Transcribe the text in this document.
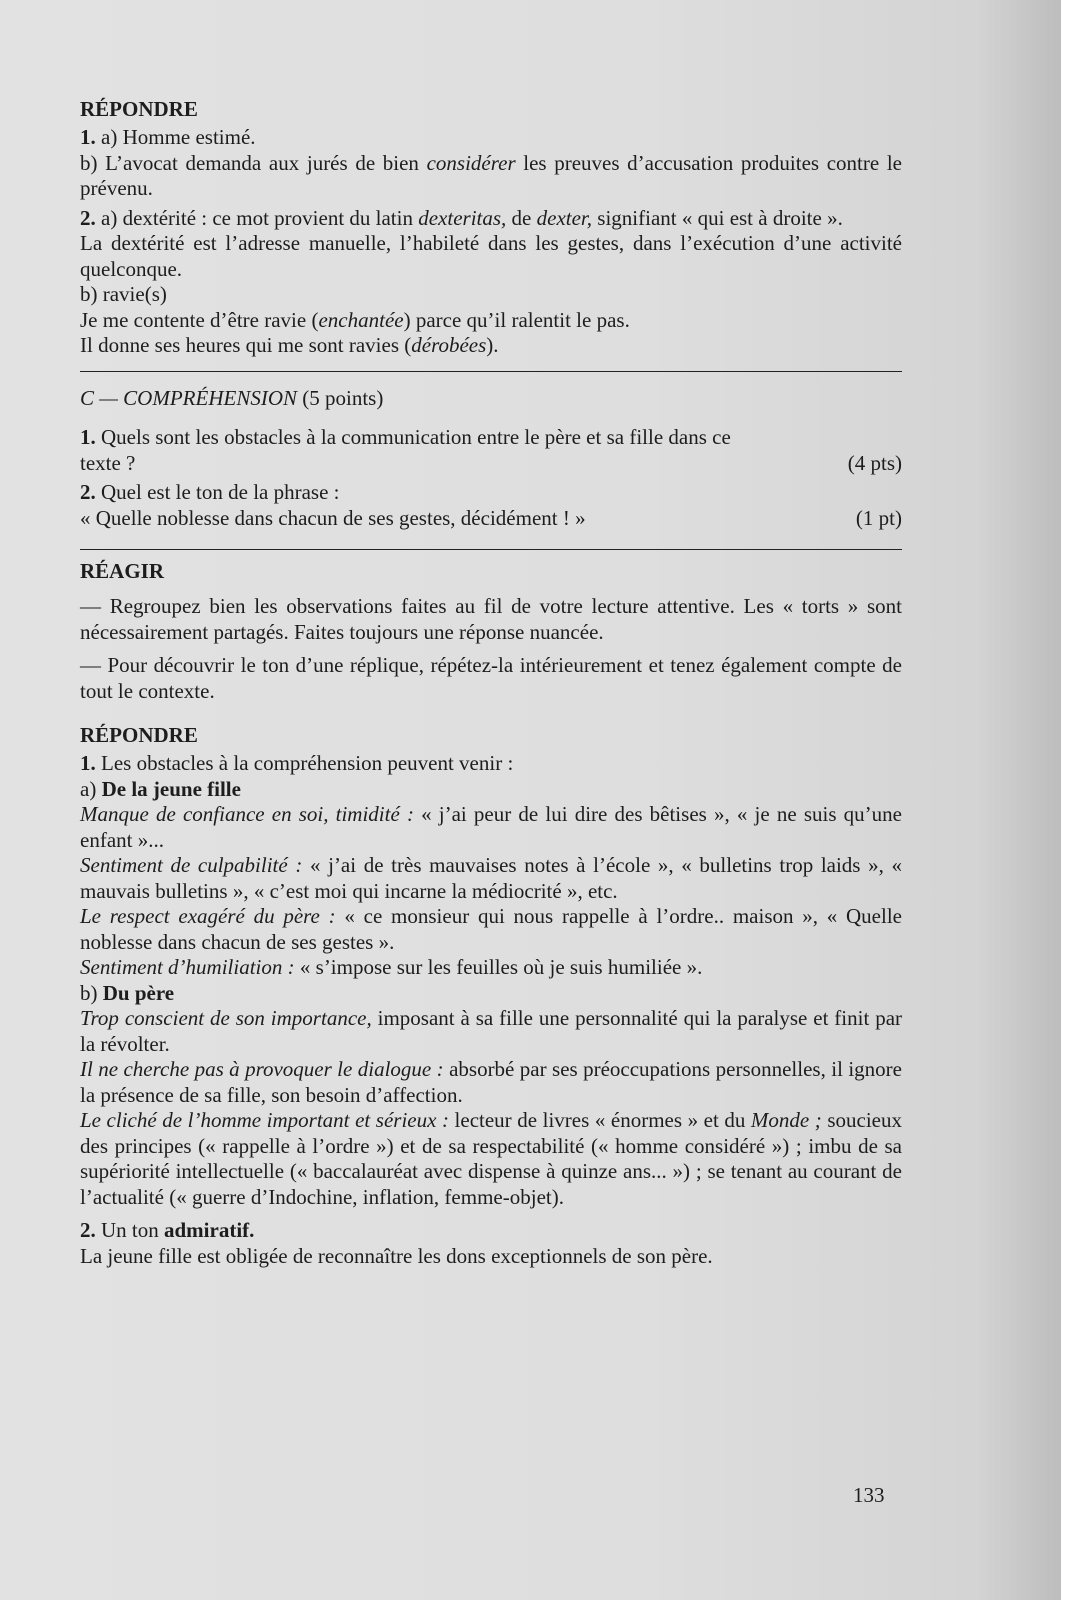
RÉPONDRE

1. a) Homme estimé.

b) L’avocat demanda aux jurés de bien considérer les preuves d’accusation produites contre le prévenu.

2. a) dextérité : ce mot provient du latin dexteritas, de dexter, signifiant « qui est à droite ».

La dextérité est l’adresse manuelle, l’habileté dans les gestes, dans l’exécution d’une activité quelconque.

b) ravie(s)

Je me contente d’être ravie (enchantée) parce qu’il ralentit le pas.

Il donne ses heures qui me sont ravies (dérobées).

C — COMPRÉHENSION (5 points)

1. Quels sont les obstacles à la communication entre le père et sa fille dans ce

texte ?	(4 pts)

2. Quel est le ton de la phrase :

« Quelle noblesse dans chacun de ses gestes, décidément ! »	(1 pt)
RÉAGIR

— Regroupez bien les observations faites au fil de votre lecture attentive. Les « torts » sont nécessairement partagés. Faites toujours une réponse nuancée.

— Pour découvrir le ton d’une réplique, répétez-la intérieurement et tenez également compte de tout le contexte.

RÉPONDRE

1. Les obstacles à la compréhension peuvent venir :

a) De la jeune fille

Manque de confiance en soi, timidité : « j’ai peur de lui dire des bêtises », « je ne suis qu’une enfant »...

Sentiment de culpabilité : « j’ai de très mauvaises notes à l’école », « bulletins trop laids », « mauvais bulletins », « c’est moi qui incarne la médiocrité », etc.

Le respect exagéré du père : « ce monsieur qui nous rappelle à l’ordre.. maison », « Quelle noblesse dans chacun de ses gestes ».

Sentiment d’humiliation : « s’impose sur les feuilles où je suis humiliée ».

b) Du père

Trop conscient de son importance, imposant à sa fille une personnalité qui la paralyse et finit par la révolter.

Il ne cherche pas à provoquer le dialogue : absorbé par ses préoccupations personnelles, il ignore la présence de sa fille, son besoin d’affection.

Le cliché de l’homme important et sérieux : lecteur de livres « énormes » et du Monde ; soucieux des principes (« rappelle à l’ordre ») et de sa respectabilité (« homme considéré ») ; imbu de sa supériorité intellectuelle (« baccalauréat avec dispense à quinze ans... ») ; se tenant au courant de l’actualité (« guerre d’Indochine, inflation, femme-objet).

2. Un ton admiratif.

La jeune fille est obligée de reconnaître les dons exceptionnels de son père.

133
